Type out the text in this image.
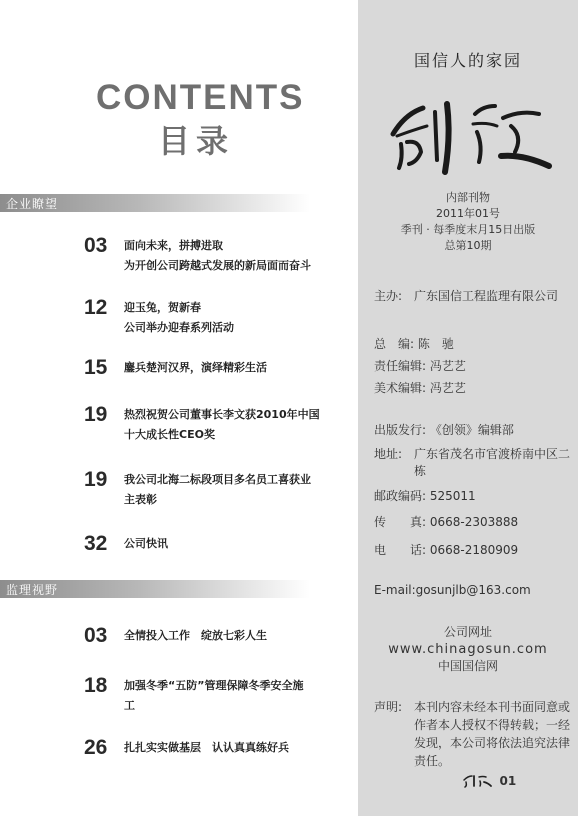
CONTENTS
目录
企业瞭望
03 面向未来，拼搏进取
为开创公司跨越式发展的新局面而奋斗
12 迎玉兔，贺新春
公司举办迎春系列活动
15 鏖兵楚河汉界，演绎精彩生活
19 热烈祝贺公司董事长李文获2010年中国
十大成长性CEO奖
19 我公司北海二标段项目多名员工喜获业
主表彰
32 公司快讯
监理视野
03 全情投入工作　绽放七彩人生
18 加强冬季“五防”管理保障冬季安全施
工
26 扎扎实实做基层　认认真真练好兵
国信人的家园
内部刊物
2011年01号
季刊 · 每季度末月15日出版
总第10期
主办: 广东国信工程监理有限公司
总　编: 陈　驰
责任编辑: 冯艺艺
美术编辑: 冯艺艺
出版发行: 《创领》编辑部
地址: 广东省茂名市官渡桥南中区二栋
邮政编码: 525011
传　　真: 0668-2303888
电　　话: 0668-2180909
E-mail:gosunjlb@163.com
公司网址
www.chinagosun.com
中国国信网
声明: 本刊内容未经本刊书面同意或作者本人授权不得转载；一经发现，本公司将依法追究法律责任。
01
